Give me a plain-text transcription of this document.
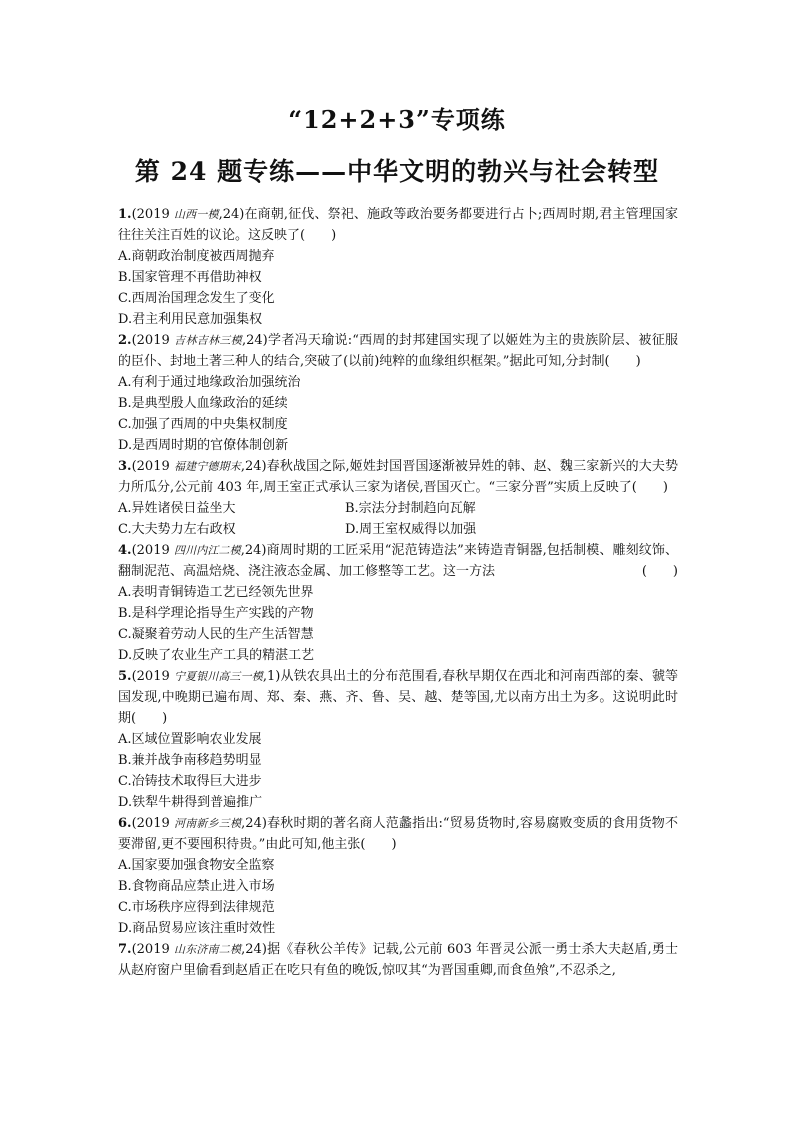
“12+2+3”专项练
第 24 题专练——中华文明的勃兴与社会转型
1.(2019 山西一模,24)在商朝,征伐、祭祀、施政等政治要务都要进行占卜;西周时期,君主管理国家往往关注百姓的议论。这反映了(　　)
A.商朝政治制度被西周抛弃
B.国家管理不再借助神权
C.西周治国理念发生了变化
D.君主利用民意加强集权
2.(2019 吉林吉林三模,24)学者冯天瑜说:“西周的封邦建国实现了以姬姓为主的贵族阶层、被征服的臣仆、封地土著三种人的结合,突破了(以前)纯粹的血缘组织框架。”据此可知,分封制(　　)
A.有利于通过地缘政治加强统治
B.是典型殷人血缘政治的延续
C.加强了西周的中央集权制度
D.是西周时期的官僚体制创新
3.(2019 福建宁德期末,24)春秋战国之际,姬姓封国晋国逐渐被异姓的韩、赵、魏三家新兴的大夫势力所瓜分,公元前 403 年,周王室正式承认三家为诸侯,晋国灭亡。“三家分晋”实质上反映了(　　)
A.异姓诸侯日益坐大	B.宗法分封制趋向瓦解
C.大夫势力左右政权	D.周王室权威得以加强
4.(2019 四川内江二模,24)商周时期的工匠采用“泥范铸造法”来铸造青铜器,包括制模、雕刻纹饰、翻制泥范、高温焙烧、浇注液态金属、加工修整等工艺。这一方法	(　　)
A.表明青铜铸造工艺已经领先世界
B.是科学理论指导生产实践的产物
C.凝聚着劳动人民的生产生活智慧
D.反映了农业生产工具的精湛工艺
5.(2019 宁夏银川高三一模,1)从铁农具出土的分布范围看,春秋早期仅在西北和河南西部的秦、虢等国发现,中晚期已遍布周、郑、秦、燕、齐、鲁、吴、越、楚等国,尤以南方出土为多。这说明此时期(　　)
A.区域位置影响农业发展
B.兼并战争南移趋势明显
C.冶铸技术取得巨大进步
D.铁犁牛耕得到普遍推广
6.(2019 河南新乡三模,24)春秋时期的著名商人范蠡指出:“贸易货物时,容易腐败变质的食用货物不要滞留,更不要囤积待贵。”由此可知,他主张(　　)
A.国家要加强食物安全监察
B.食物商品应禁止进入市场
C.市场秩序应得到法律规范
D.商品贸易应该注重时效性
7.(2019 山东济南二模,24)据《春秋公羊传》记载,公元前 603 年晋灵公派一勇士杀大夫赵盾,勇士从赵府窗户里偷看到赵盾正在吃只有鱼的晚饭,惊叹其“为晋国重卿,而食鱼飧”,不忍杀之,
